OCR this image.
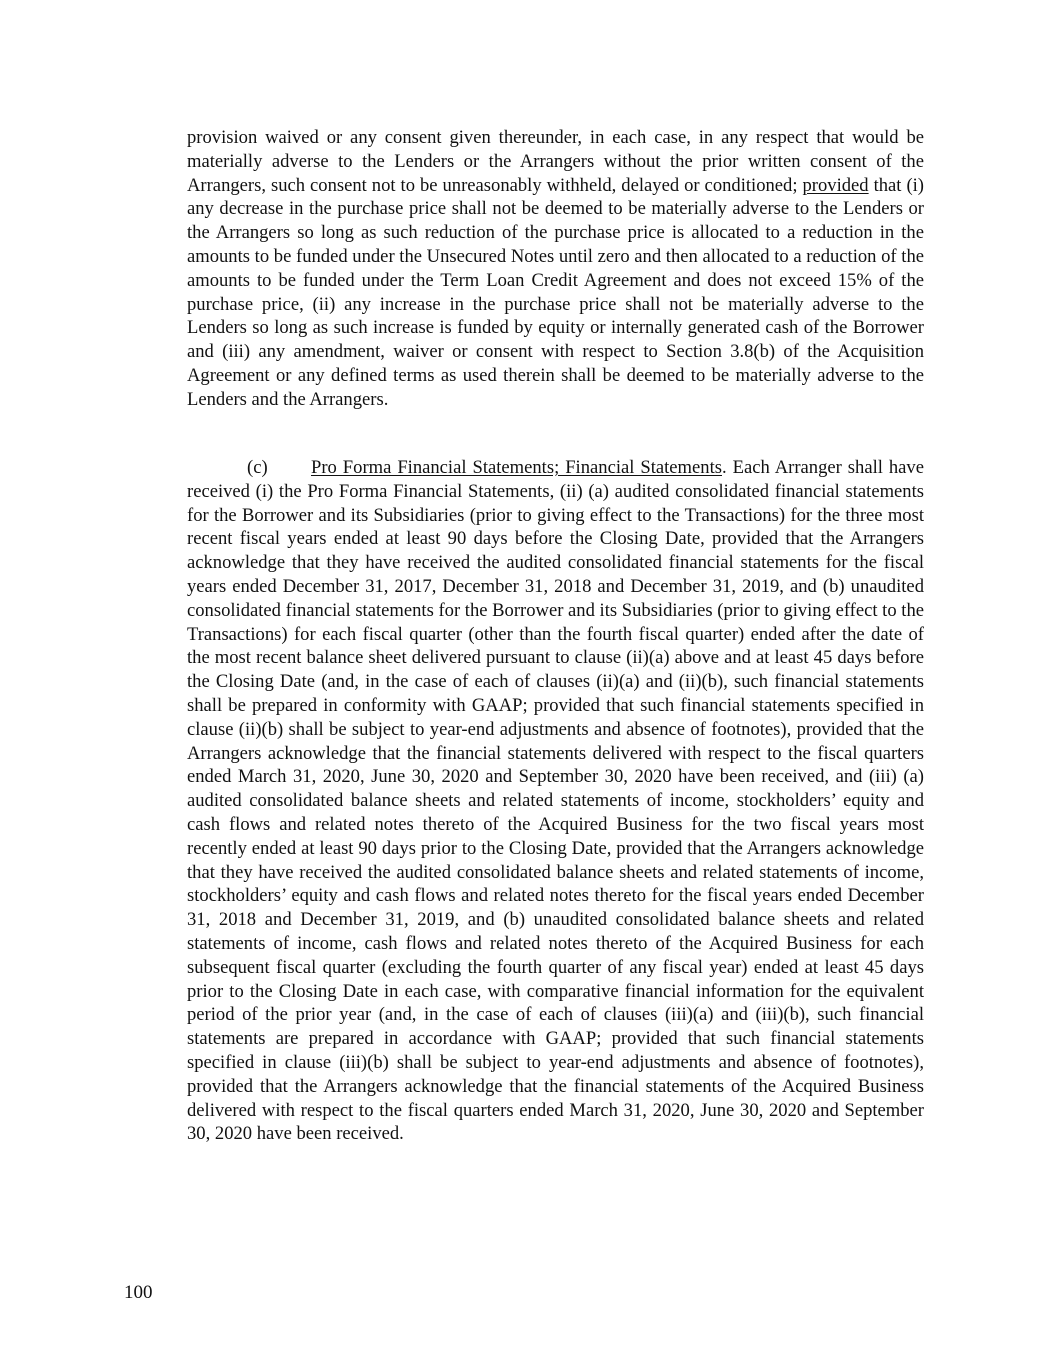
provision waived or any consent given thereunder, in each case, in any respect that would be materially adverse to the Lenders or the Arrangers without the prior written consent of the Arrangers, such consent not to be unreasonably withheld, delayed or conditioned; provided that (i) any decrease in the purchase price shall not be deemed to be materially adverse to the Lenders or the Arrangers so long as such reduction of the purchase price is allocated to a reduction in the amounts to be funded under the Unsecured Notes until zero and then allocated to a reduction of the amounts to be funded under the Term Loan Credit Agreement and does not exceed 15% of the purchase price, (ii) any increase in the purchase price shall not be materially adverse to the Lenders so long as such increase is funded by equity or internally generated cash of the Borrower and (iii) any amendment, waiver or consent with respect to Section 3.8(b) of the Acquisition Agreement or any defined terms as used therein shall be deemed to be materially adverse to the Lenders and the Arrangers.

(c) Pro Forma Financial Statements; Financial Statements. Each Arranger shall have received (i) the Pro Forma Financial Statements, (ii) (a) audited consolidated financial statements for the Borrower and its Subsidiaries (prior to giving effect to the Transactions) for the three most recent fiscal years ended at least 90 days before the Closing Date, provided that the Arrangers acknowledge that they have received the audited consolidated financial statements for the fiscal years ended December 31, 2017, December 31, 2018 and December 31, 2019, and (b) unaudited consolidated financial statements for the Borrower and its Subsidiaries (prior to giving effect to the Transactions) for each fiscal quarter (other than the fourth fiscal quarter) ended after the date of the most recent balance sheet delivered pursuant to clause (ii)(a) above and at least 45 days before the Closing Date (and, in the case of each of clauses (ii)(a) and (ii)(b), such financial statements shall be prepared in conformity with GAAP; provided that such financial statements specified in clause (ii)(b) shall be subject to year-end adjustments and absence of footnotes), provided that the Arrangers acknowledge that the financial statements delivered with respect to the fiscal quarters ended March 31, 2020, June 30, 2020 and September 30, 2020 have been received, and (iii) (a) audited consolidated balance sheets and related statements of income, stockholders’ equity and cash flows and related notes thereto of the Acquired Business for the two fiscal years most recently ended at least 90 days prior to the Closing Date, provided that the Arrangers acknowledge that they have received the audited consolidated balance sheets and related statements of income, stockholders’ equity and cash flows and related notes thereto for the fiscal years ended December 31, 2018 and December 31, 2019, and (b) unaudited consolidated balance sheets and related statements of income, cash flows and related notes thereto of the Acquired Business for each subsequent fiscal quarter (excluding the fourth quarter of any fiscal year) ended at least 45 days prior to the Closing Date in each case, with comparative financial information for the equivalent period of the prior year (and, in the case of each of clauses (iii)(a) and (iii)(b), such financial statements are prepared in accordance with GAAP; provided that such financial statements specified in clause (iii)(b) shall be subject to year-end adjustments and absence of footnotes), provided that the Arrangers acknowledge that the financial statements of the Acquired Business delivered with respect to the fiscal quarters ended March 31, 2020, June 30, 2020 and September 30, 2020 have been received.

100
